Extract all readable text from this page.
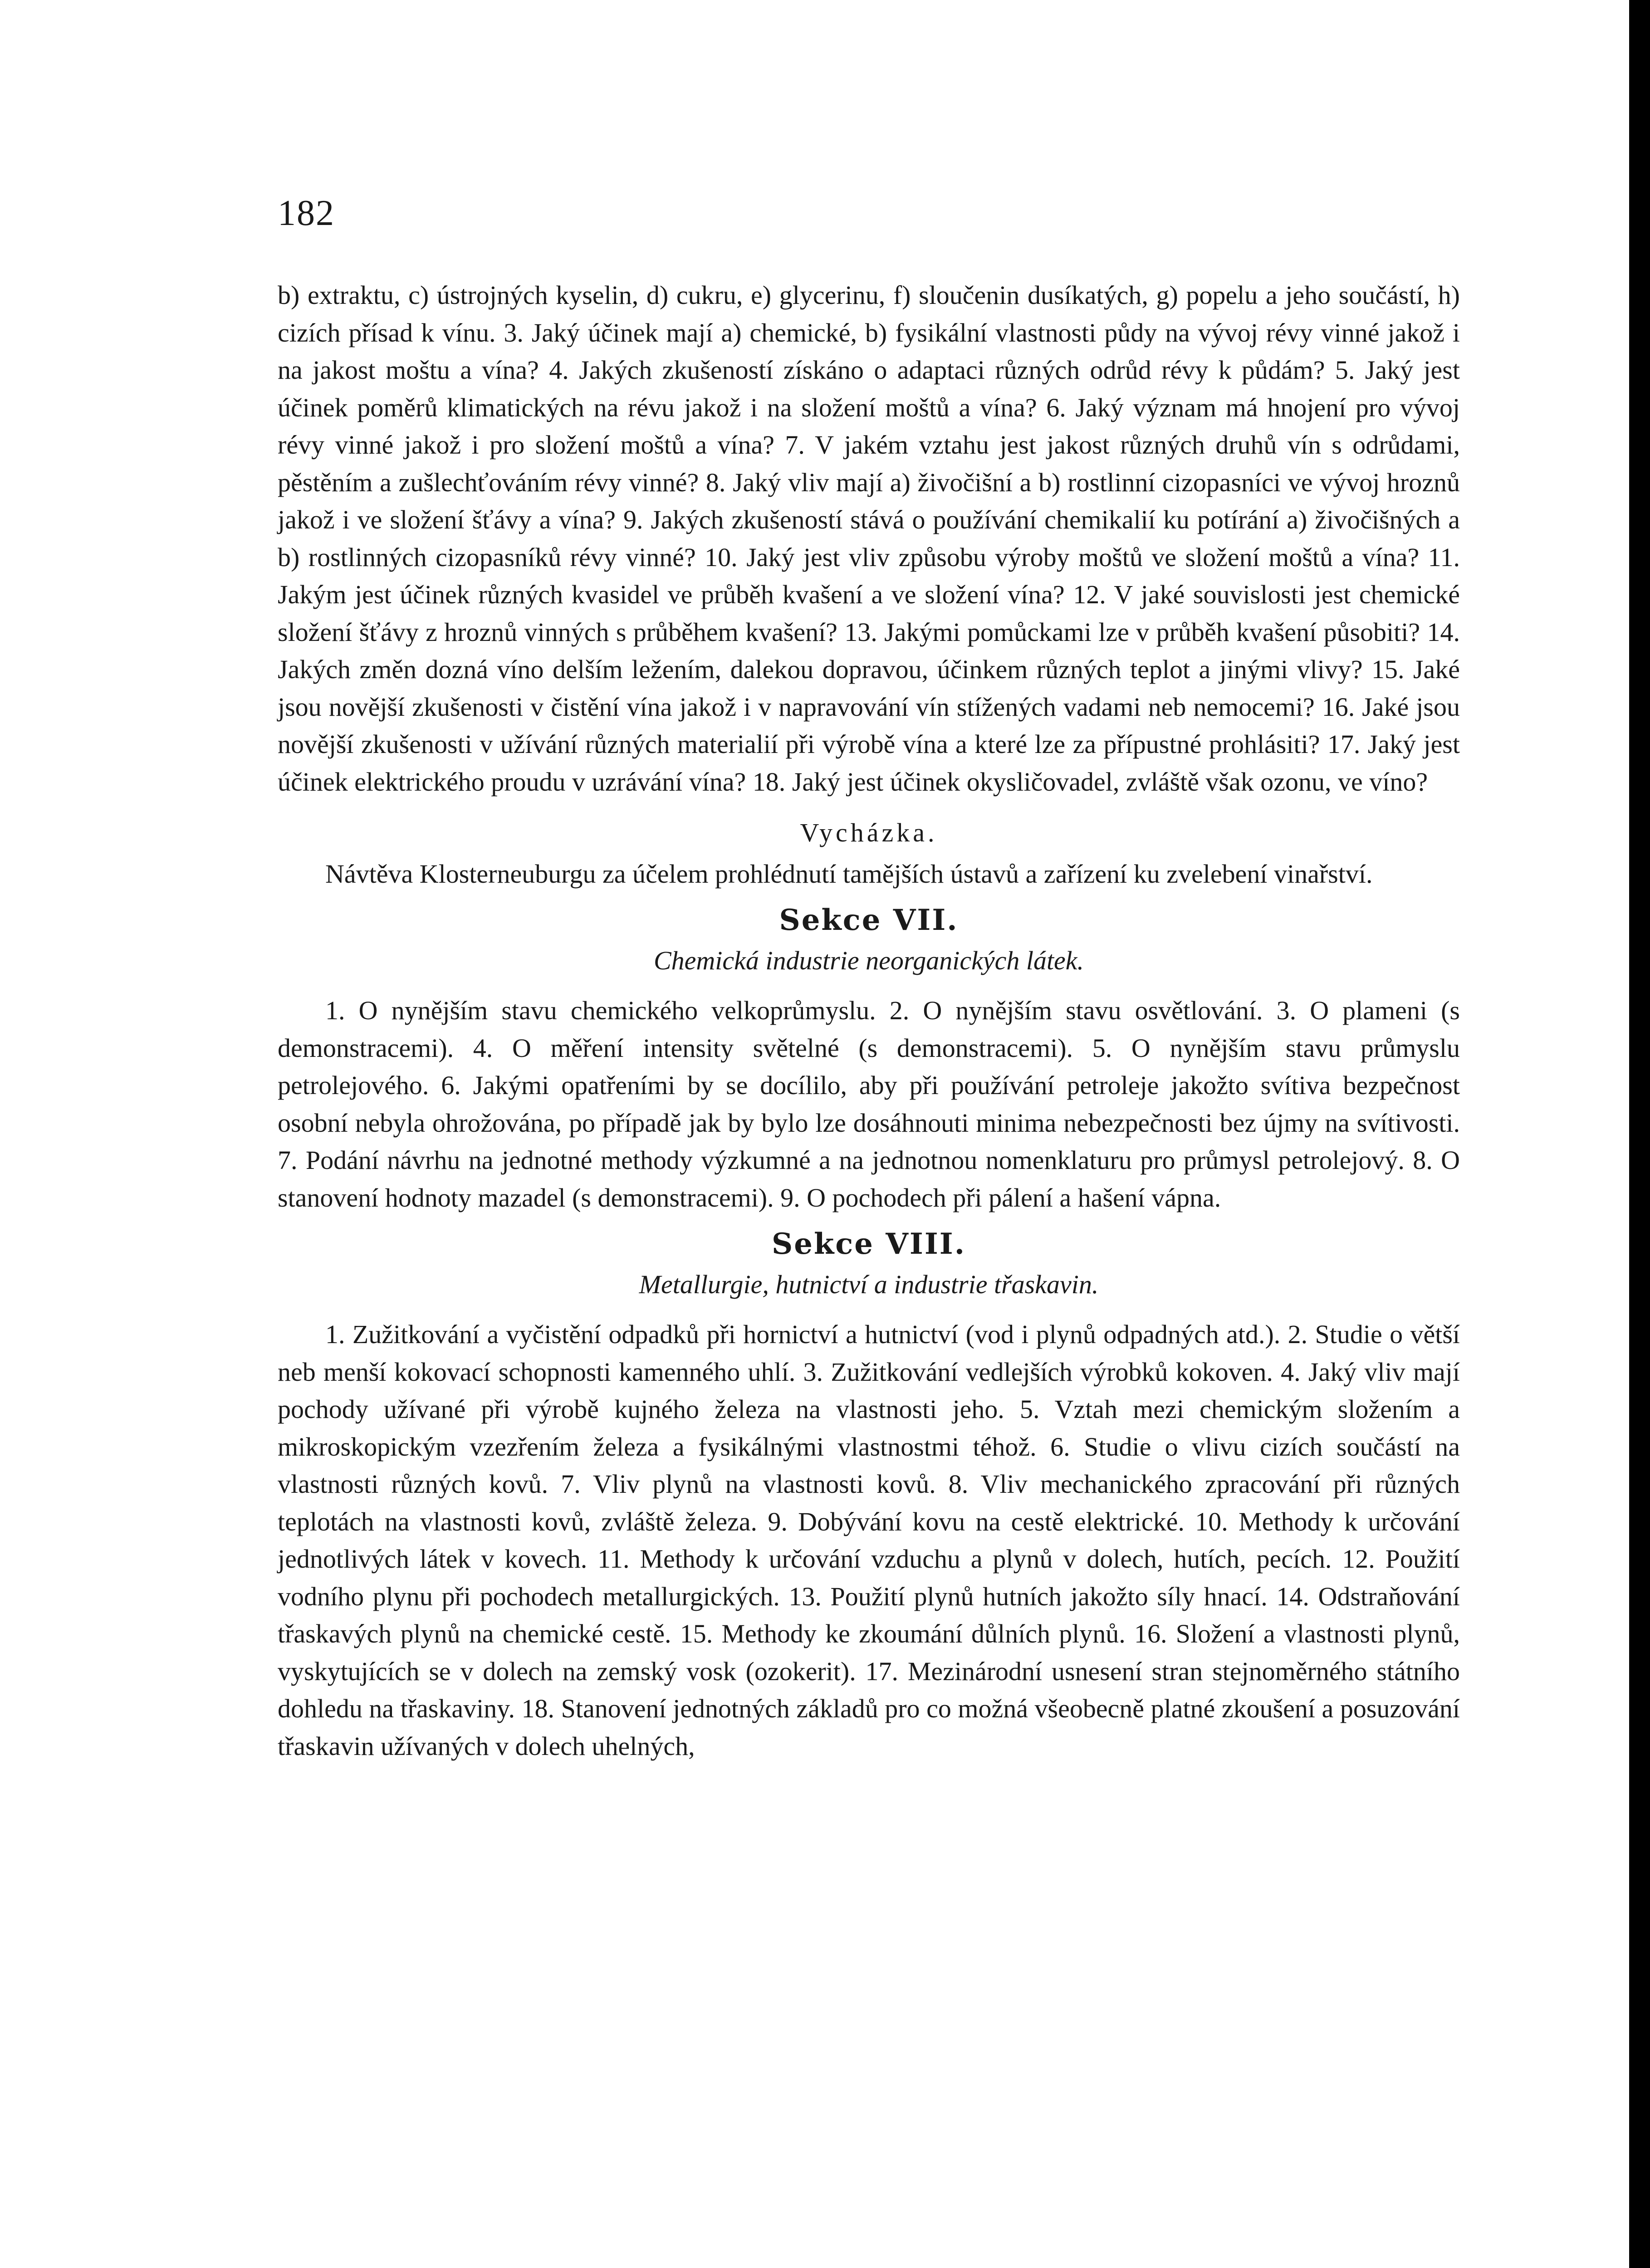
182

b) extraktu, c) ústrojných kyselin, d) cukru, e) glycerinu, f) sloučenin dusíkatých, g) popelu a jeho součástí, h) cizích přísad k vínu. 3. Jaký účinek mají a) chemické, b) fysikální vlastnosti půdy na vývoj révy vinné jakož i na jakost moštu a vína? 4. Jakých zkušeností získáno o adaptaci různých odrůd révy k půdám? 5. Jaký jest účinek poměrů klimatických na révu jakož i na složení moštů a vína? 6. Jaký význam má hnojení pro vývoj révy vinné jakož i pro složení moštů a vína? 7. V jakém vztahu jest jakost různých druhů vín s odrůdami, pěstěním a zušlechťováním révy vinné? 8. Jaký vliv mají a) živočišní a b) rostlinní cizopasníci ve vývoj hroznů jakož i ve složení šťávy a vína? 9. Jakých zkušeností stává o používání chemikalií ku potírání a) živočišných a b) rostlinných cizopasníků révy vinné? 10. Jaký jest vliv způsobu výroby moštů ve složení moštů a vína? 11. Jakým jest účinek různých kvasidel ve průběh kvašení a ve složení vína? 12. V jaké souvislosti jest chemické složení šťávy z hroznů vinných s průběhem kvašení? 13. Jakými pomůckami lze v průběh kvašení působiti? 14. Jakých změn dozná víno delším ležením, dalekou dopravou, účinkem různých teplot a jinými vlivy? 15. Jaké jsou novější zkušenosti v čistění vína jakož i v napravování vín stížených vadami neb nemocemi? 16. Jaké jsou novější zkušenosti v užívání různých materialií při výrobě vína a které lze za přípustné prohlásiti? 17. Jaký jest účinek elektrického proudu v uzrávání vína? 18. Jaký jest účinek okysličovadel, zvláště však ozonu, ve víno?

Vycházka.

Návtěva Klosterneuburgu za účelem prohlédnutí tamějších ústavů a zařízení ku zvelebení vinařství.

Sekce VII.

Chemická industrie neorganických látek.

1. O nynějším stavu chemického velkoprůmyslu. 2. O nynějším stavu osvětlování. 3. O plameni (s demonstracemi). 4. O měření intensity světelné (s demonstracemi). 5. O nynějším stavu průmyslu petrolejového. 6. Jakými opatřeními by se docílilo, aby při používání petroleje jakožto svítiva bezpečnost osobní nebyla ohrožována, po případě jak by bylo lze dosáhnouti minima nebezpečnosti bez újmy na svítivosti. 7. Podání návrhu na jednotné methody výzkumné a na jednotnou nomenklaturu pro průmysl petrolejový. 8. O stanovení hodnoty mazadel (s demonstracemi). 9. O pochodech při pálení a hašení vápna.

Sekce VIII.

Metallurgie, hutnictví a industrie třaskavin.

1. Zužitkování a vyčistění odpadků při hornictví a hutnictví (vod i plynů odpadných atd.). 2. Studie o větší neb menší kokovací schopnosti kamenného uhlí. 3. Zužitkování vedlejších výrobků kokoven. 4. Jaký vliv mají pochody užívané při výrobě kujného železa na vlastnosti jeho. 5. Vztah mezi chemickým složením a mikroskopickým vzezřením železa a fysikálnými vlastnostmi téhož. 6. Studie o vlivu cizích součástí na vlastnosti různých kovů. 7. Vliv plynů na vlastnosti kovů. 8. Vliv mechanického zpracování při různých teplotách na vlastnosti kovů, zvláště železa. 9. Dobývání kovu na cestě elektrické. 10. Methody k určování jednotlivých látek v kovech. 11. Methody k určování vzduchu a plynů v dolech, hutích, pecích. 12. Použití vodního plynu při pochodech metallurgických. 13. Použití plynů hutních jakožto síly hnací. 14. Odstraňování třaskavých plynů na chemické cestě. 15. Methody ke zkoumání důlních plynů. 16. Složení a vlastnosti plynů, vyskytujících se v dolech na zemský vosk (ozokerit). 17. Mezinárodní usnesení stran stejnoměrného státního dohledu na třaskaviny. 18. Stanovení jednotných základů pro co možná všeobecně platné zkoušení a posuzování třaskavin užívaných v dolech uhelných,
